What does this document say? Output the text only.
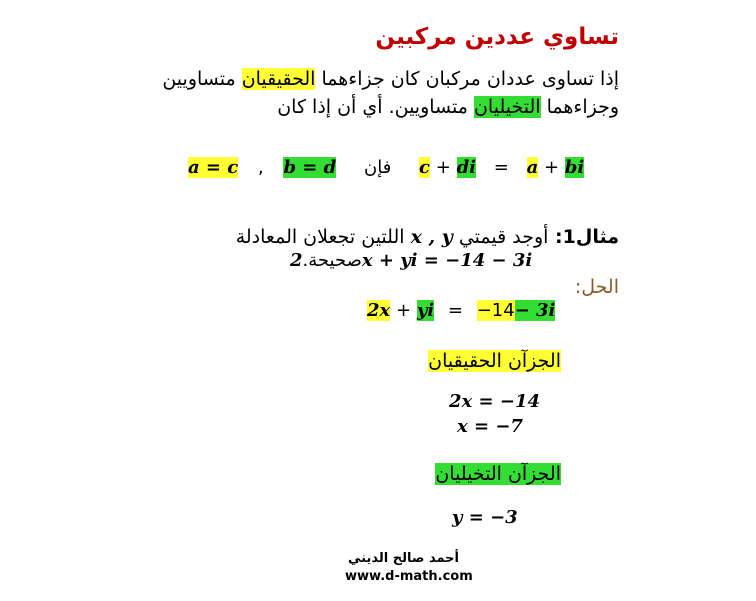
تساوي عددين مركبين
إذا تساوى عددان مركبان كان جزاءهما الحقيقيان متساويين
وجزاءهما التخيليان متساويين. أي أن إذا كان
a = c , b = d فإن c + di = a + bi
مثال1: أوجد قيمتي x , y اللتين تجعلان المعادلة
صحيحة.2x + yi = −14 − 3i
الحل:
2x + yi = −14− 3i
الجزآن الحقيقيان
2x = −14
x = −7
الجزآن التخيليان
y = −3
أحمد صالح الديني
www.d-math.com
